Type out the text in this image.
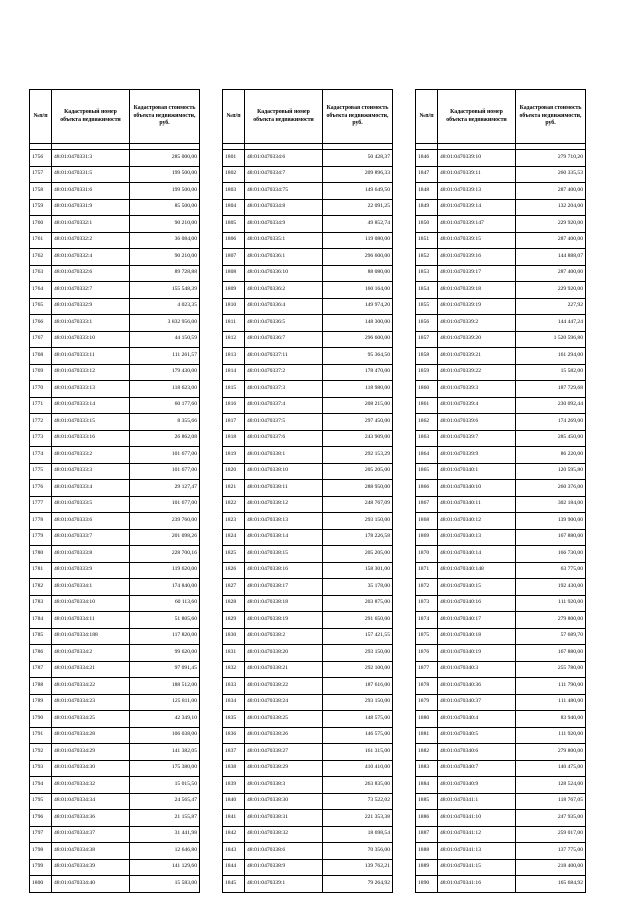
№п/п	Кадастровый номер объекта недвижимости	Кадастровая стоимость объекта недвижимости, руб.

1756	48:01:0470331:3	285 000,00
1757	48:01:0470331:5	199 500,00
1758	48:01:0470331:6	199 500,00
1759	48:01:0470331:9	85 500,00
1760	48:01:0470332:1	90 210,00
1761	48:01:0470332:2	36 084,00
1762	48:01:0470332:4	90 210,00
1763	48:01:0470332:6	89 728,88
1764	48:01:0470332:7	155 548,39
1765	48:01:0470332:9	4 023,35
1766	48:01:0470333:1	3 832 956,00
1767	48:01:0470333:10	44 150,59
1768	48:01:0470333:11	111 261,57
1769	48:01:0470333:12	179 430,00
1770	48:01:0470333:13	118 623,00
1771	48:01:0470333:14	60 177,60
1772	48:01:0470333:15	8 355,66
1773	48:01:0470333:16	26 862,08
1774	48:01:0470333:2	101 677,00
1775	48:01:0470333:3	101 677,00
1776	48:01:0470333:4	29 127,47
1777	48:01:0470333:5	101 677,00
1778	48:01:0470333:6	239 760,00
1779	48:01:0470333:7	201 098,26
1780	48:01:0470333:8	228 700,16
1781	48:01:0470333:9	119 620,00
1782	48:01:0470334:1	174 840,00
1783	48:01:0470334:10	60 113,60
1784	48:01:0470334:11	51 805,60
1785	48:01:0470334:188	117 820,00
1786	48:01:0470334:2	99 620,00
1787	48:01:0470334:21	97 091,45
1788	48:01:0470334:22	188 512,00
1789	48:01:0470334:23	125 811,00
1790	48:01:0470334:25	42 349,10
1791	48:01:0470334:28	106 038,00
1792	48:01:0470334:29	141 382,05
1793	48:01:0470334:30	175 380,00
1794	48:01:0470334:32	15 015,50
1795	48:01:0470334:34	24 565,47
1796	48:01:0470334:36	21 155,87
1797	48:01:0470334:37	31 441,98
1798	48:01:0470334:38	12 646,80
1799	48:01:0470334:39	141 129,60
1800	48:01:0470334:40	15 583,00
№п/п	Кадастровый номер объекта недвижимости	Кадастровая стоимость объекта недвижимости, руб.

1801	48:01:0470334:6	50 428,37
1802	48:01:0470334:7	209 896,33
1803	48:01:0470334:75	149 649,50
1804	48:01:0470334:8	22 091,25
1805	48:01:0470334:9	49 852,74
1806	48:01:0470335:1	119 080,00
1807	48:01:0470336:1	296 600,00
1808	48:01:0470336:10	88 080,00
1809	48:01:0470336:2	160 164,00
1810	48:01:0470336:4	149 974,20
1811	48:01:0470336:5	148 300,00
1812	48:01:0470336:7	296 600,00
1813	48:01:0470337:11	95 364,50
1814	48:01:0470337:2	178 470,00
1815	48:01:0470337:3	118 980,00
1816	48:01:0470337:4	208 215,00
1817	48:01:0470337:5	297 450,00
1818	48:01:0470337:6	243 909,00
1819	48:01:0470338:1	292 153,29
1820	48:01:0470338:10	205 205,00
1821	48:01:0470338:11	288 950,00
1822	48:01:0470338:12	248 767,09
1823	48:01:0470338:13	293 150,00
1824	48:01:0470338:14	178 226,58
1825	48:01:0470338:15	205 205,00
1826	48:01:0470338:16	158 301,00
1827	48:01:0470338:17	35 178,00
1828	48:01:0470338:18	203 875,00
1829	48:01:0470338:19	291 650,00
1830	48:01:0470338:2	157 421,55
1831	48:01:0470338:20	293 150,00
1832	48:01:0470338:21	292 100,00
1833	48:01:0470338:22	187 616,00
1834	48:01:0470338:24	293 150,00
1835	48:01:0470338:25	148 575,00
1836	48:01:0470338:26	146 575,00
1837	48:01:0470338:27	161 315,00
1838	48:01:0470338:29	410 410,00
1839	48:01:0470338:3	263 835,00
1840	48:01:0470338:30	73 522,02
1841	48:01:0470338:31	221 353,38
1842	48:01:0470338:32	18 698,54
1843	48:01:0470338:6	70 356,00
1844	48:01:0470338:9	139 762,21
1845	48:01:0470339:1	79 264,92
№п/п	Кадастровый номер объекта недвижимости	Кадастровая стоимость объекта недвижимости, руб.

1846	48:01:0470339:10	279 710,20
1847	48:01:0470339:11	260 335,53
1848	48:01:0470339:13	287 400,00
1849	48:01:0470339:14	132 204,00
1850	48:01:0470339:147	229 920,00
1851	48:01:0470339:15	287 400,00
1852	48:01:0470339:16	144 888,07
1853	48:01:0470339:17	287 400,00
1854	48:01:0470339:18	229 920,00
1855	48:01:0470339:19	227,92
1856	48:01:0470339:2	144 447,24
1857	48:01:0470339:20	1 520 596,80
1858	48:01:0470339:21	161 294,00
1859	48:01:0470339:22	15 582,00
1860	48:01:0470339:3	187 729,68
1861	48:01:0470339:4	230 092,44
1862	48:01:0470339:6	174 269,00
1863	48:01:0470339:7	285 450,00
1864	48:01:0470339:9	86 220,00
1865	48:01:0470340:1	120 595,80
1866	48:01:0470340:10	260 376,00
1867	48:01:0470340:11	302 184,00
1868	48:01:0470340:12	139 900,00
1869	48:01:0470340:13	167 880,00
1870	48:01:0470340:14	166 730,00
1871	48:01:0470340:148	63 775,00
1872	48:01:0470340:15	192 430,00
1873	48:01:0470340:16	111 920,00
1874	48:01:0470340:17	279 800,00
1875	48:01:0470340:18	57 689,70
1876	48:01:0470340:19	167 880,00
1877	48:01:0470340:3	255 780,00
1878	48:01:0470340:36	111 790,00
1879	48:01:0470340:37	111 480,00
1880	48:01:0470340:4	83 940,00
1881	48:01:0470340:5	111 920,00
1882	48:01:0470340:6	279 800,00
1883	48:01:0470340:7	140 475,00
1884	48:01:0470340:9	128 524,00
1885	48:01:0470341:1	118 767,05
1886	48:01:0470341:10	247 935,00
1887	48:01:0470341:12	259 017,00
1888	48:01:0470341:13	137 775,00
1889	48:01:0470341:15	218 400,00
1890	48:01:0470341:16	165 684,92
